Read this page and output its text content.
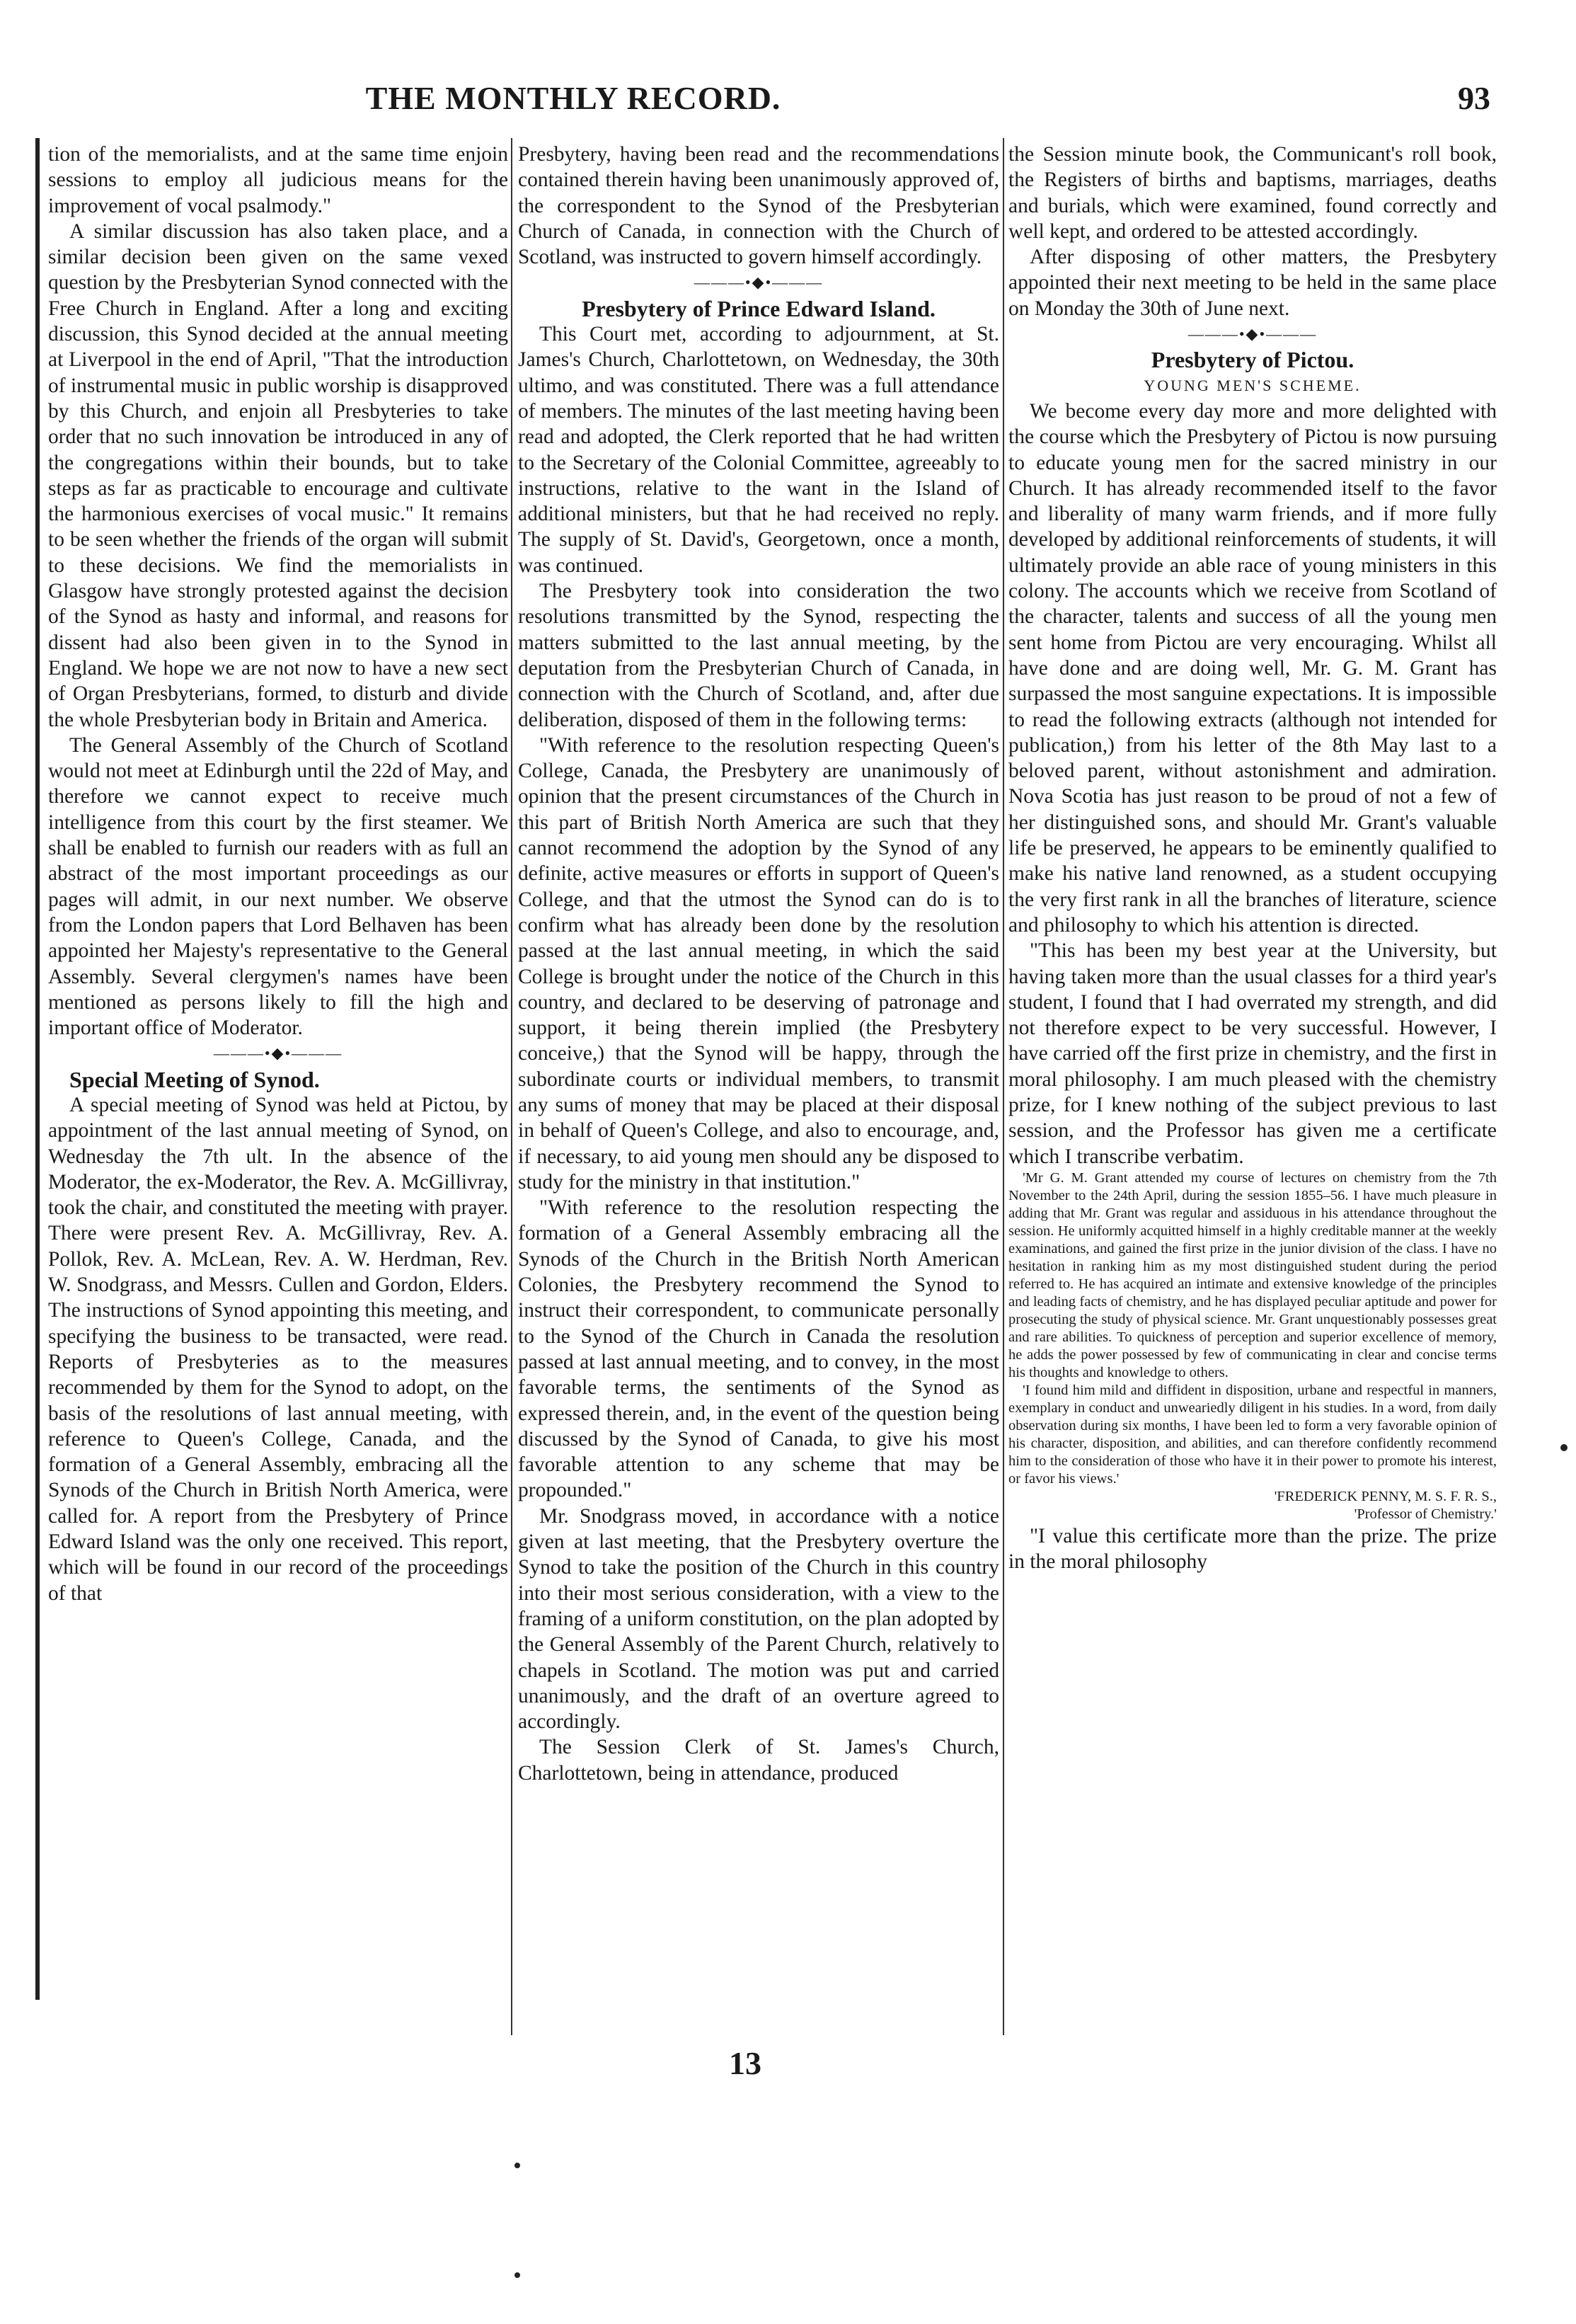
THE MONTHLY RECORD.	93

tion of the memorialists, and at the same time enjoin sessions to employ all judicious means for the improvement of vocal psalmody."

A similar discussion has also taken place, and a similar decision been given on the same vexed question by the Presbyterian Synod connected with the Free Church in England. After a long and exciting discussion, this Synod decided at the annual meeting at Liverpool in the end of April, "That the introduction of instrumental music in public worship is disapproved by this Church, and enjoin all Presbyteries to take order that no such innovation be introduced in any of the congregations within their bounds, but to take steps as far as practicable to encourage and cultivate the harmonious exercises of vocal music." It remains to be seen whether the friends of the organ will submit to these decisions. We find the memorialists in Glasgow have strongly protested against the decision of the Synod as hasty and informal, and reasons for dissent had also been given in to the Synod in England. We hope we are not now to have a new sect of Organ Presbyterians, formed, to disturb and divide the whole Presbyterian body in Britain and America.

The General Assembly of the Church of Scotland would not meet at Edinburgh until the 22d of May, and therefore we cannot expect to receive much intelligence from this court by the first steamer. We shall be enabled to furnish our readers with as full an abstract of the most important proceedings as our pages will admit, in our next number. We observe from the London papers that Lord Belhaven has been appointed her Majesty's representative to the General Assembly. Several clergymen's names have been mentioned as persons likely to fill the high and important office of Moderator.

———•◆•———

Special Meeting of Synod.

A special meeting of Synod was held at Pictou, by appointment of the last annual meeting of Synod, on Wednesday the 7th ult. In the absence of the Moderator, the ex-Moderator, the Rev. A. McGillivray, took the chair, and constituted the meeting with prayer. There were present Rev. A. McGillivray, Rev. A. Pollok, Rev. A. McLean, Rev. A. W. Herdman, Rev. W. Snodgrass, and Messrs. Cullen and Gordon, Elders. The instructions of Synod appointing this meeting, and specifying the business to be transacted, were read. Reports of Presbyteries as to the measures recommended by them for the Synod to adopt, on the basis of the resolutions of last annual meeting, with reference to Queen's College, Canada, and the formation of a General Assembly, embracing all the Synods of the Church in British North America, were called for. A report from the Presbytery of Prince Edward Island was the only one received. This report, which will be found in our record of the proceedings of that

Presbytery, having been read and the recommendations contained therein having been unanimously approved of, the correspondent to the Synod of the Presbyterian Church of Canada, in connection with the Church of Scotland, was instructed to govern himself accordingly.

———•◆•———

Presbytery of Prince Edward Island.

This Court met, according to adjournment, at St. James's Church, Charlottetown, on Wednesday, the 30th ultimo, and was constituted. There was a full attendance of members. The minutes of the last meeting having been read and adopted, the Clerk reported that he had written to the Secretary of the Colonial Committee, agreeably to instructions, relative to the want in the Island of additional ministers, but that he had received no reply. The supply of St. David's, Georgetown, once a month, was continued.

The Presbytery took into consideration the two resolutions transmitted by the Synod, respecting the matters submitted to the last annual meeting, by the deputation from the Presbyterian Church of Canada, in connection with the Church of Scotland, and, after due deliberation, disposed of them in the following terms:

"With reference to the resolution respecting Queen's College, Canada, the Presbytery are unanimously of opinion that the present circumstances of the Church in this part of British North America are such that they cannot recommend the adoption by the Synod of any definite, active measures or efforts in support of Queen's College, and that the utmost the Synod can do is to confirm what has already been done by the resolution passed at the last annual meeting, in which the said College is brought under the notice of the Church in this country, and declared to be deserving of patronage and support, it being therein implied (the Presbytery conceive,) that the Synod will be happy, through the subordinate courts or individual members, to transmit any sums of money that may be placed at their disposal in behalf of Queen's College, and also to encourage, and, if necessary, to aid young men should any be disposed to study for the ministry in that institution."

"With reference to the resolution respecting the formation of a General Assembly embracing all the Synods of the Church in the British North American Colonies, the Presbytery recommend the Synod to instruct their correspondent, to communicate personally to the Synod of the Church in Canada the resolution passed at last annual meeting, and to convey, in the most favorable terms, the sentiments of the Synod as expressed therein, and, in the event of the question being discussed by the Synod of Canada, to give his most favorable attention to any scheme that may be propounded."

Mr. Snodgrass moved, in accordance with a notice given at last meeting, that the Presbytery overture the Synod to take the position of the Church in this country into their most serious consideration, with a view to the framing of a uniform constitution, on the plan adopted by the General Assembly of the Parent Church, relatively to chapels in Scotland. The motion was put and carried unanimously, and the draft of an overture agreed to accordingly.

The Session Clerk of St. James's Church, Charlottetown, being in attendance, produced

the Session minute book, the Communicant's roll book, the Registers of births and baptisms, marriages, deaths and burials, which were examined, found correctly and well kept, and ordered to be attested accordingly.

After disposing of other matters, the Presbytery appointed their next meeting to be held in the same place on Monday the 30th of June next.

———•◆•———

Presbytery of Pictou.

YOUNG MEN'S SCHEME.

We become every day more and more delighted with the course which the Presbytery of Pictou is now pursuing to educate young men for the sacred ministry in our Church. It has already recommended itself to the favor and liberality of many warm friends, and if more fully developed by additional reinforcements of students, it will ultimately provide an able race of young ministers in this colony. The accounts which we receive from Scotland of the character, talents and success of all the young men sent home from Pictou are very encouraging. Whilst all have done and are doing well, Mr. G. M. Grant has surpassed the most sanguine expectations. It is impossible to read the following extracts (although not intended for publication,) from his letter of the 8th May last to a beloved parent, without astonishment and admiration. Nova Scotia has just reason to be proud of not a few of her distinguished sons, and should Mr. Grant's valuable life be preserved, he appears to be eminently qualified to make his native land renowned, as a student occupying the very first rank in all the branches of literature, science and philosophy to which his attention is directed.

"This has been my best year at the University, but having taken more than the usual classes for a third year's student, I found that I had overrated my strength, and did not therefore expect to be very successful. However, I have carried off the first prize in chemistry, and the first in moral philosophy. I am much pleased with the chemistry prize, for I knew nothing of the subject previous to last session, and the Professor has given me a certificate which I transcribe verbatim.

'Mr G. M. Grant attended my course of lectures on chemistry from the 7th November to the 24th April, during the session 1855–56. I have much pleasure in adding that Mr. Grant was regular and assiduous in his attendance throughout the session. He uniformly acquitted himself in a highly creditable manner at the weekly examinations, and gained the first prize in the junior division of the class. I have no hesitation in ranking him as my most distinguished student during the period referred to. He has acquired an intimate and extensive knowledge of the principles and leading facts of chemistry, and he has displayed peculiar aptitude and power for prosecuting the study of physical science. Mr. Grant unquestionably possesses great and rare abilities. To quickness of perception and superior excellence of memory, he adds the power possessed by few of communicating in clear and concise terms his thoughts and knowledge to others.

'I found him mild and diffident in disposition, urbane and respectful in manners, exemplary in conduct and unweariedly diligent in his studies. In a word, from daily observation during six months, I have been led to form a very favorable opinion of his character, disposition, and abilities, and can therefore confidently recommend him to the consideration of those who have it in their power to promote his interest, or favor his views.'

'FREDERICK PENNY, M. S. F. R. S.,

'Professor of Chemistry.'

"I value this certificate more than the prize. The prize in the moral philosophy

13
